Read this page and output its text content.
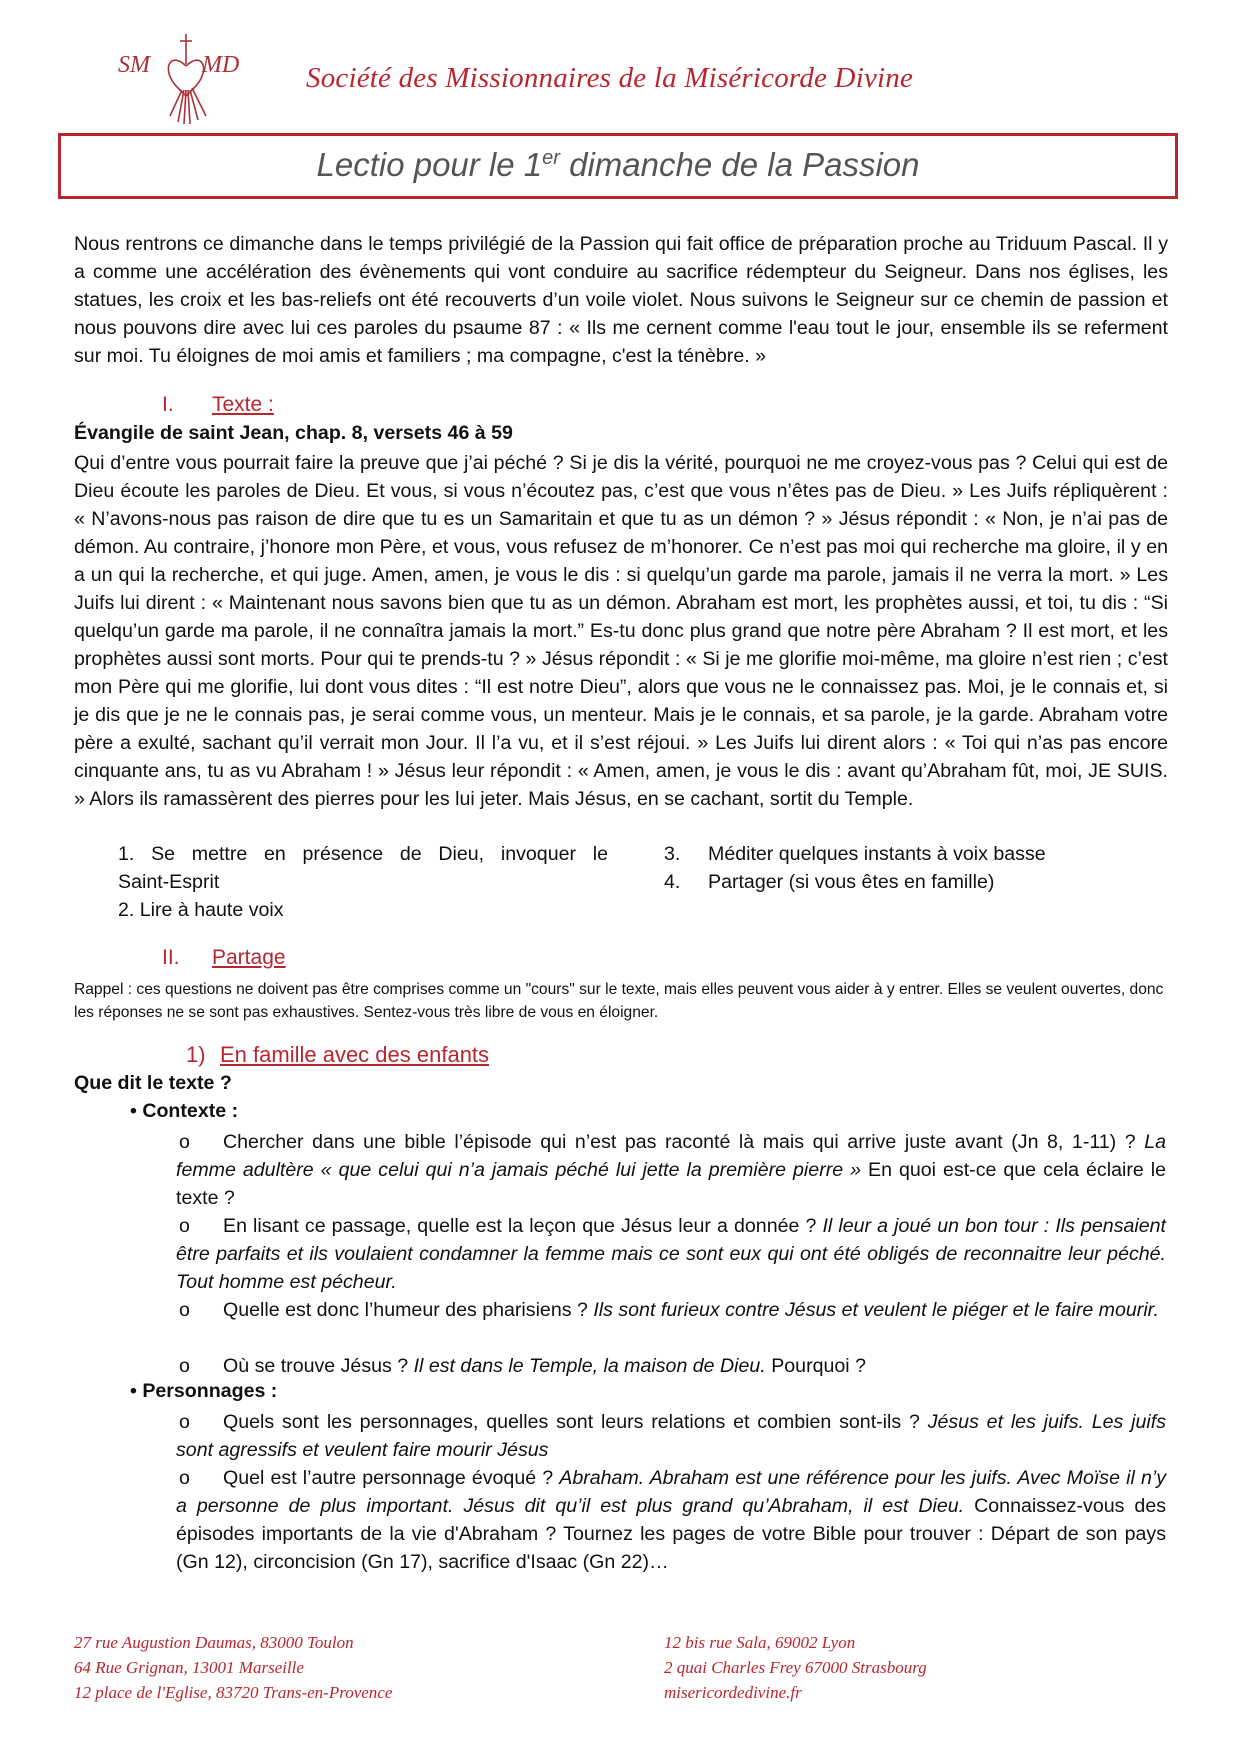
SM MD Société des Missionnaires de la Miséricorde Divine
Lectio pour le 1er dimanche de la Passion
Nous rentrons ce dimanche dans le temps privilégié de la Passion qui fait office de préparation proche au Triduum Pascal. Il y a comme une accélération des évènements qui vont conduire au sacrifice rédempteur du Seigneur. Dans nos églises, les statues, les croix et les bas-reliefs ont été recouverts d’un voile violet. Nous suivons le Seigneur sur ce chemin de passion et nous pouvons dire avec lui ces paroles du psaume 87 : « Ils me cernent comme l'eau tout le jour, ensemble ils se referment sur moi. Tu éloignes de moi amis et familiers ; ma compagne, c'est la ténèbre. »
I. Texte :
Évangile de saint Jean, chap. 8, versets 46 à 59
Qui d’entre vous pourrait faire la preuve que j’ai péché ? Si je dis la vérité, pourquoi ne me croyez-vous pas ? Celui qui est de Dieu écoute les paroles de Dieu. Et vous, si vous n’écoutez pas, c’est que vous n’êtes pas de Dieu. » Les Juifs répliquèrent : « N’avons-nous pas raison de dire que tu es un Samaritain et que tu as un démon ? » Jésus répondit : « Non, je n’ai pas de démon. Au contraire, j’honore mon Père, et vous, vous refusez de m’honorer. Ce n’est pas moi qui recherche ma gloire, il y en a un qui la recherche, et qui juge. Amen, amen, je vous le dis : si quelqu’un garde ma parole, jamais il ne verra la mort. » Les Juifs lui dirent : « Maintenant nous savons bien que tu as un démon. Abraham est mort, les prophètes aussi, et toi, tu dis : “Si quelqu’un garde ma parole, il ne connaîtra jamais la mort.” Es-tu donc plus grand que notre père Abraham ? Il est mort, et les prophètes aussi sont morts. Pour qui te prends-tu ? » Jésus répondit : « Si je me glorifie moi-même, ma gloire n’est rien ; c’est mon Père qui me glorifie, lui dont vous dites : “Il est notre Dieu”, alors que vous ne le connaissez pas. Moi, je le connais et, si je dis que je ne le connais pas, je serai comme vous, un menteur. Mais je le connais, et sa parole, je la garde. Abraham votre père a exulté, sachant qu’il verrait mon Jour. Il l’a vu, et il s’est réjoui. » Les Juifs lui dirent alors : « Toi qui n’as pas encore cinquante ans, tu as vu Abraham ! » Jésus leur répondit : « Amen, amen, je vous le dis : avant qu’Abraham fût, moi, JE SUIS. » Alors ils ramassèrent des pierres pour les lui jeter. Mais Jésus, en se cachant, sortit du Temple.
1. Se mettre en présence de Dieu, invoquer le
Saint-Esprit
2. Lire à haute voix
3. Méditer quelques instants à voix basse
4. Partager (si vous êtes en famille)
II. Partage
Rappel : ces questions ne doivent pas être comprises comme un "cours" sur le texte, mais elles peuvent vous aider à y entrer. Elles se veulent ouvertes, donc les réponses ne se sont pas exhaustives. Sentez-vous très libre de vous en éloigner.
1) En famille avec des enfants
Que dit le texte ?
• Contexte :
o Chercher dans une bible l’épisode qui n’est pas raconté là mais qui arrive juste avant (Jn 8, 1-11) ? La femme adultère « que celui qui n’a jamais péché lui jette la première pierre » En quoi est-ce que cela éclaire le texte ?
o En lisant ce passage, quelle est la leçon que Jésus leur a donnée ? Il leur a joué un bon tour : Ils pensaient être parfaits et ils voulaient condamner la femme mais ce sont eux qui ont été obligés de reconnaitre leur péché. Tout homme est pécheur.
o Quelle est donc l’humeur des pharisiens ? Ils sont furieux contre Jésus et veulent le piéger et le faire mourir.
o Où se trouve Jésus ? Il est dans le Temple, la maison de Dieu. Pourquoi ?
• Personnages :
o Quels sont les personnages, quelles sont leurs relations et combien sont-ils ? Jésus et les juifs. Les juifs sont agressifs et veulent faire mourir Jésus
o Quel est l’autre personnage évoqué ? Abraham. Abraham est une référence pour les juifs. Avec Moïse il n’y a personne de plus important. Jésus dit qu’il est plus grand qu’Abraham, il est Dieu. Connaissez-vous des épisodes importants de la vie d'Abraham ? Tournez les pages de votre Bible pour trouver : Départ de son pays (Gn 12), circoncision (Gn 17), sacrifice d'Isaac (Gn 22)…
27 rue Augustion Daumas, 83000 Toulon
64 Rue Grignan, 13001 Marseille
12 place de l'Eglise, 83720 Trans-en-Provence
12 bis rue Sala, 69002 Lyon
2 quai Charles Frey 67000 Strasbourg
misericordedivine.fr
